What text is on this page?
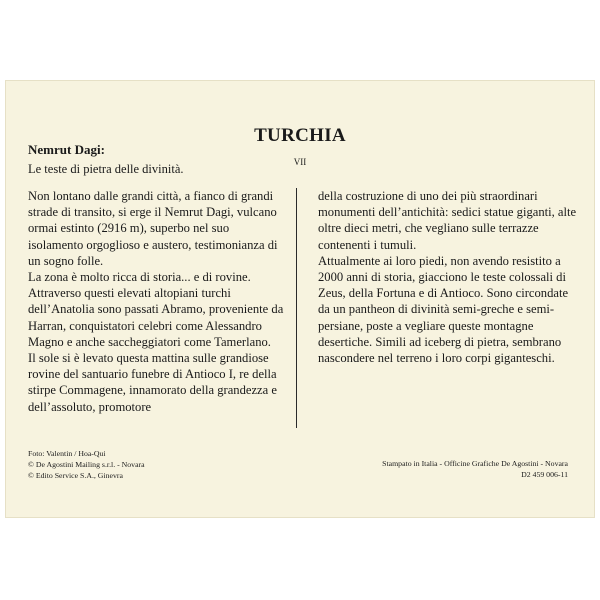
TURCHIA
VII
Nemrut Dagi:
Le teste di pietra delle divinità.

Non lontano dalle grandi città, a fianco di grandi strade di transito, si erge il Nemrut Dagi, vulcano ormai estinto (2916 m), superbo nel suo isolamento orgoglioso e austero, testimonianza di un sogno folle.

La zona è molto ricca di storia... e di rovine. Attraverso questi elevati altopiani turchi dell’Anatolia sono passati Abramo, proveniente da Harran, conquistatori celebri come Alessandro Magno e anche saccheggiatori come Tamerlano.

Il sole si è levato questa mattina sulle grandiose rovine del santuario funebre di Antioco I, re della stirpe Commagene, innamorato della grandezza e dell’assoluto, promotore

della costruzione di uno dei più straordinari monumenti dell’antichità: sedici statue giganti, alte oltre dieci metri, che vegliano sulle terrazze contenenti i tumuli.

Attualmente ai loro piedi, non avendo resistito a 2000 anni di storia, giacciono le teste colossali di Zeus, della Fortuna e di Antioco. Sono circondate da un pantheon di divinità semi-greche e semi-persiane, poste a vegliare queste montagne desertiche. Simili ad iceberg di pietra, sembrano nascondere nel terreno i loro corpi giganteschi.

Foto: Valentin / Hoa-Qui
© De Agostini Mailing s.r.l. - Novara
© Edito Service S.A., Ginevra
Stampato in Italia - Officine Grafiche De Agostini - Novara
D2 459 006-11
